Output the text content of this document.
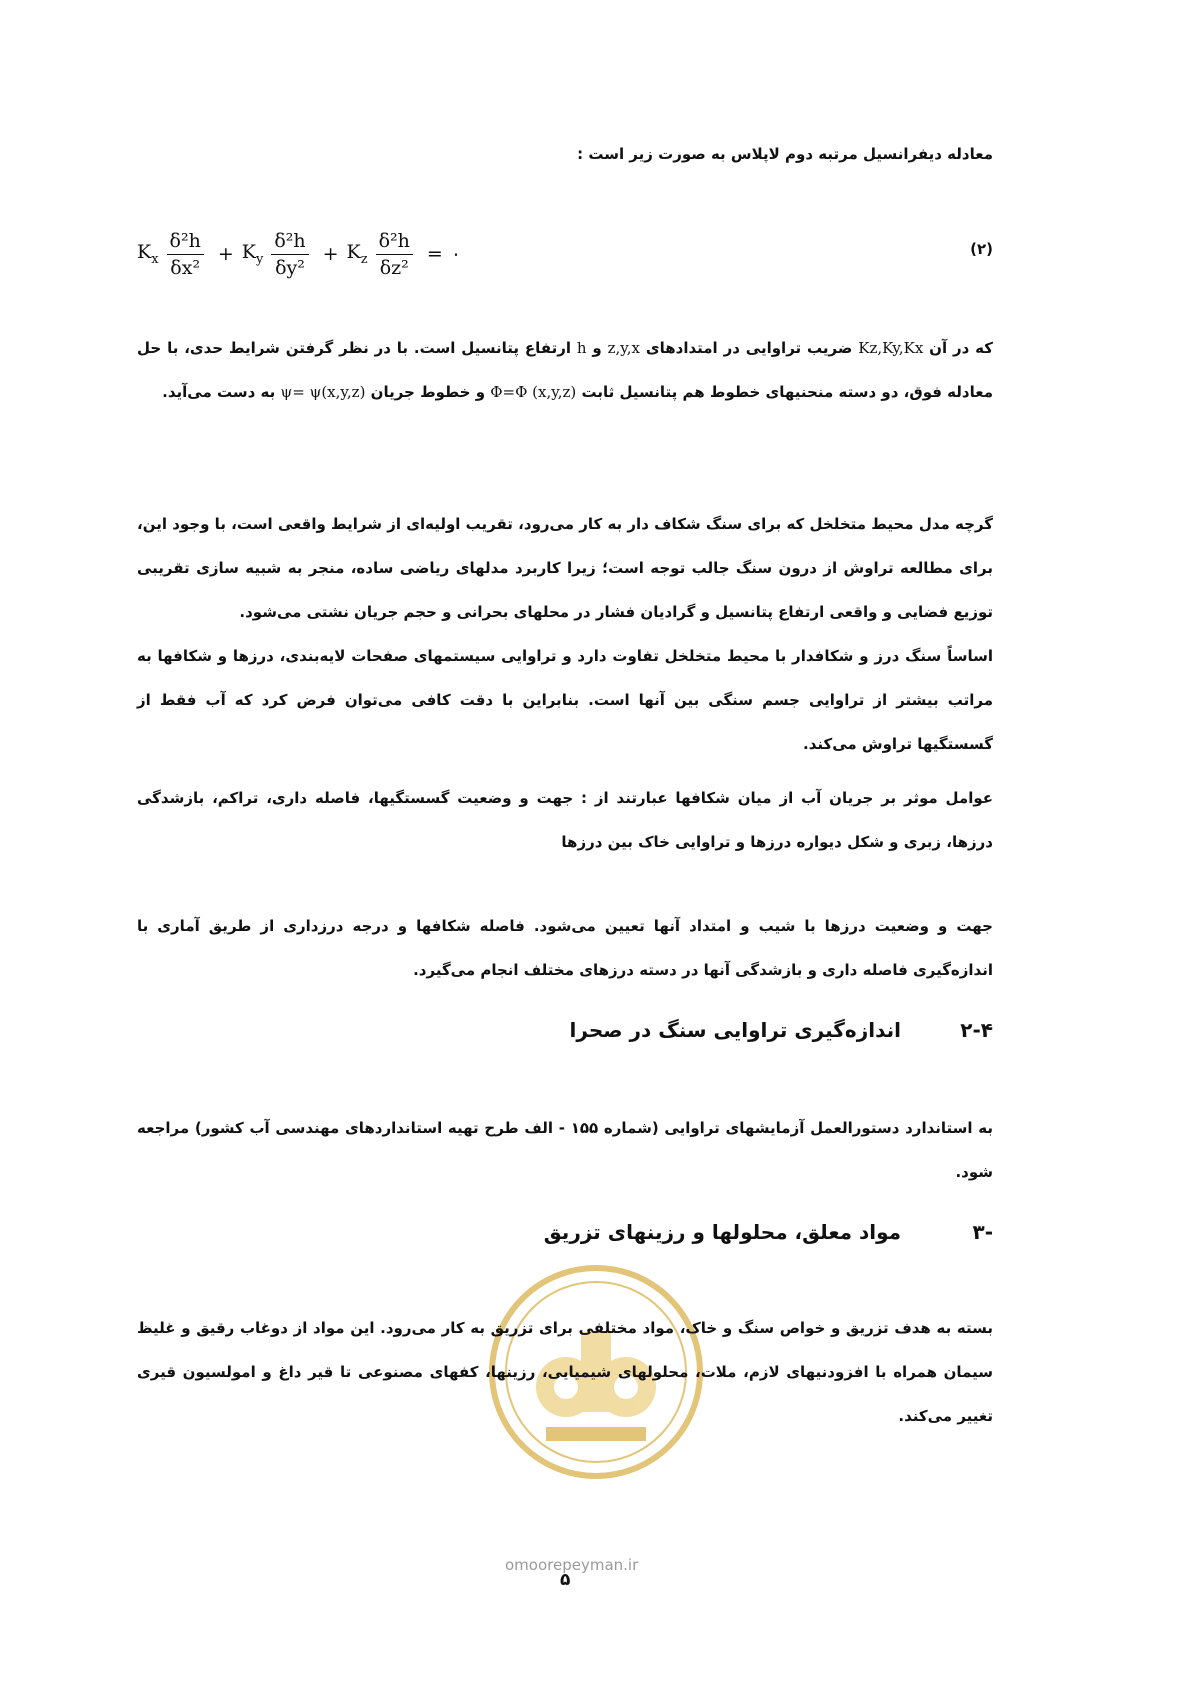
معادله دیفرانسیل مرتبه دوم لاپلاس به صورت زیر است :

(۲)
$K_x \frac{\text{δ²h}}{\text{δx²}} + K_y \frac{\text{δ²h}}{\text{δy²}} + K_z \frac{\text{δ²h}}{\text{δz²}}$ = ۰

که در آن Kz,Ky,Kx ضریب تراوایی در امتدادهای z,y,x و h ارتفاع پتانسیل است. با در نظر گرفتن شرایط حدی، با حل معادله فوق، دو دسته منحنیهای خطوط هم پتانسیل ثابت Φ=Φ (x,y,z) و خطوط جریان ψ= ψ(x,y,z) به دست می‌آید.

گرچه مدل محیط متخلخل که برای سنگ شکاف دار به کار می‌رود، تقریب اولیه‌ای از شرایط واقعی است، با وجود این، برای مطالعه تراوش از درون سنگ جالب توجه است؛ زیرا کاربرد مدلهای ریاضی ساده، منجر به شبیه سازی تقریبی توزیع فضایی و واقعی ارتفاع پتانسیل و گرادیان فشار در محلهای بحرانی و حجم جریان نشتی می‌شود.

اساساً سنگ درز و شکافدار با محیط متخلخل تفاوت دارد و تراوایی سیستمهای صفحات لایه‌بندی، درزها و شکافها به مراتب بیشتر از تراوایی جسم سنگی بین آنها است. بنابراین با دقت کافی می‌توان فرض کرد که آب فقط از گسستگیها تراوش می‌کند.

عوامل موثر بر جریان آب از میان شکافها عبارتند از : جهت و وضعیت گسستگیها، فاصله داری، تراکم، بازشدگی درزها، زبری و شکل دیواره درزها و تراوایی خاک بین درزها

جهت و وضعیت درزها با شیب و امتداد آنها تعیین می‌شود. فاصله شکافها و درجه درزداری از طریق آماری با اندازه‌گیری فاصله داری و بازشدگی آنها در دسته درزهای مختلف انجام می‌گیرد.

۲-۴اندازه‌گیری تراوایی سنگ در صحرا

به استاندارد دستورالعمل آزمایشهای تراوایی (شماره ۱۵۵ - الف طرح تهیه استانداردهای مهندسی آب کشور) مراجعه شود.

-۳مواد معلق، محلولها و رزینهای تزریق

بسته به هدف تزریق و خواص سنگ و خاک، مواد مختلفی برای تزریق به کار می‌رود. این مواد از دوغاب رقیق و غلیظ سیمان همراه با افزودنیهای لازم، ملات، محلولهای شیمیایی، رزینها، کفهای مصنوعی تا قیر داغ و امولسیون قیری تغییر می‌کند.

omoorepeyman.ir
۵
